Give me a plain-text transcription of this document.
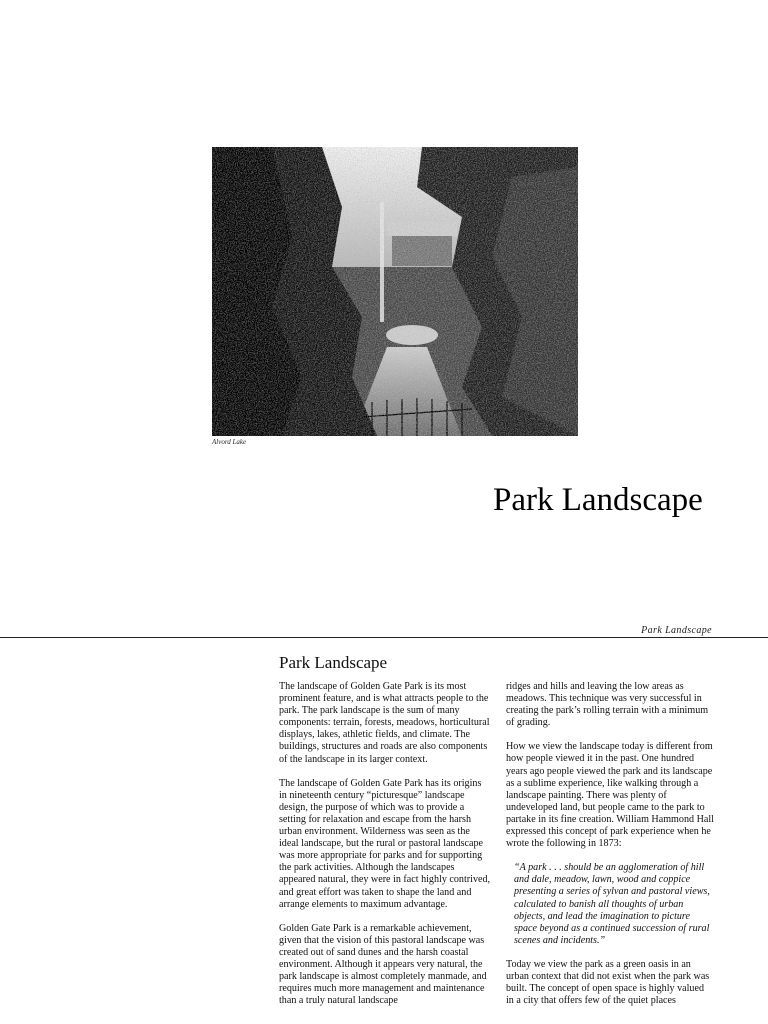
Alvord Lake
Park Landscape
Park Landscape
Park Landscape

The landscape of Golden Gate Park is its most prominent feature, and is what attracts people to the park. The park landscape is the sum of many components: terrain, forests, meadows, horticultural displays, lakes, athletic fields, and climate. The buildings, structures and roads are also components of the landscape in its larger context.

The landscape of Golden Gate Park has its origins in nineteenth century “picturesque” landscape design, the purpose of which was to provide a setting for relaxation and escape from the harsh urban environment. Wilderness was seen as the ideal landscape, but the rural or pastoral landscape was more appropriate for parks and for supporting the park activities. Although the landscapes appeared natural, they were in fact highly contrived, and great effort was taken to shape the land and arrange elements to maximum advantage.

Golden Gate Park is a remarkable achievement, given that the vision of this pastoral landscape was created out of sand dunes and the harsh coastal environment. Although it appears very natural, the park landscape is almost completely manmade, and requires much more management and maintenance than a truly natural landscape

ridges and hills and leaving the low areas as meadows. This technique was very successful in creating the park’s rolling terrain with a minimum of grading.

How we view the landscape today is different from how people viewed it in the past. One hundred years ago people viewed the park and its landscape as a sublime experience, like walking through a landscape painting. There was plenty of undeveloped land, but people came to the park to partake in its fine creation. William Hammond Hall expressed this concept of park experience when he wrote the following in 1873:

“A park . . . should be an agglomeration of hill and dale, meadow, lawn, wood and coppice presenting a series of sylvan and pastoral views, calculated to banish all thoughts of urban objects, and lead the imagination to picture space beyond as a continued succession of rural scenes and incidents.”

Today we view the park as a green oasis in an urban context that did not exist when the park was built. The concept of open space is highly valued in a city that offers few of the quiet places
